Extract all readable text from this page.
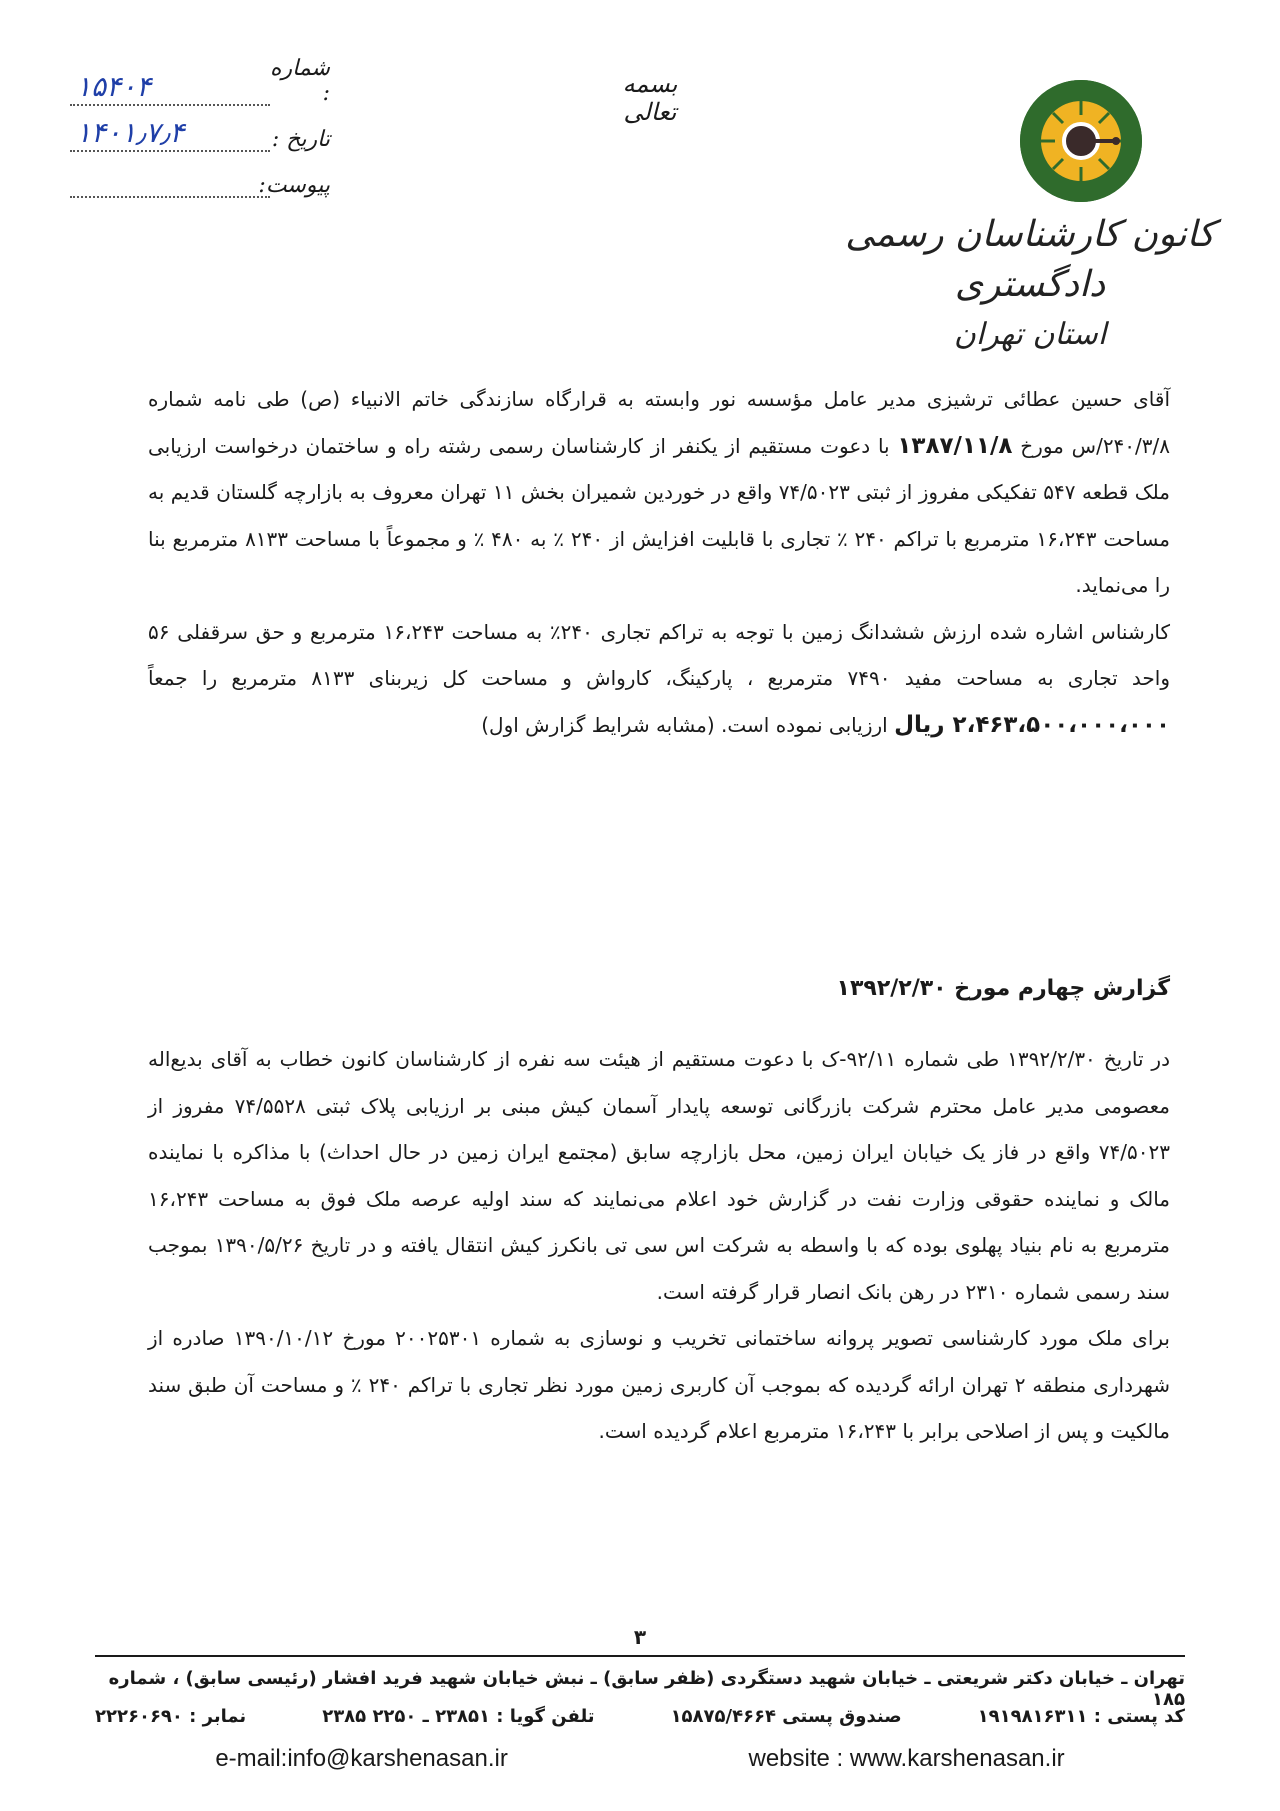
بسمه تعالی
شماره :
۱۵۴۰۴
تاریخ :
۱۴۰۱٫۷٫۴
پیوست:
کانون کارشناسان رسمی دادگستری
استان تهران

آقای حسین عطائی ترشیزی مدیر عامل مؤسسه نور وابسته به قرارگاه سازندگی خاتم الانبیاء (ص) طی نامه شماره ۲۴۰/۳/۸/س مورخ ۱۳۸۷/۱۱/۸ با دعوت مستقیم از یکنفر از کارشناسان رسمی رشته راه و ساختمان درخواست ارزیابی ملک قطعه ۵۴۷ تفکیکی مفروز از ثبتی ۷۴/۵۰۲۳ واقع در خوردین شمیران بخش ۱۱ تهران معروف به بازارچه گلستان قدیم به مساحت ۱۶،۲۴۳ مترمربع با تراکم ۲۴۰ ٪ تجاری با قابلیت افزایش از ۲۴۰ ٪ به ۴۸۰ ٪ و مجموعاً با مساحت ۸۱۳۳ مترمربع بنا را می‌نماید.

کارشناس اشاره شده ارزش ششدانگ زمین با توجه به تراکم تجاری ۲۴۰٪ به مساحت ۱۶،۲۴۳ مترمربع و حق سرقفلی ۵۶ واحد تجاری به مساحت مفید ۷۴۹۰ مترمربع ، پارکینگ، کارواش و مساحت کل زیربنای ۸۱۳۳ مترمربع را جمعاً ۲،۴۶۳،۵۰۰،۰۰۰،۰۰۰ ریال ارزیابی نموده است. (مشابه شرایط گزارش اول)

گزارش چهارم مورخ ۱۳۹۲/۲/۳۰

در تاریخ ۱۳۹۲/۲/۳۰ طی شماره ۹۲/۱۱-ک با دعوت مستقیم از هیئت سه نفره از کارشناسان کانون خطاب به آقای بدیع‌اله معصومی مدیر عامل محترم شرکت بازرگانی توسعه پایدار آسمان کیش مبنی بر ارزیابی پلاک ثبتی ۷۴/۵۵۲۸ مفروز از ۷۴/۵۰۲۳ واقع در فاز یک خیابان ایران زمین، محل بازارچه سابق (مجتمع ایران زمین در حال احداث) با مذاکره با نماینده مالک و نماینده حقوقی وزارت نفت در گزارش خود اعلام می‌نمایند که سند اولیه عرصه ملک فوق به مساحت ۱۶،۲۴۳ مترمربع به نام بنیاد پهلوی بوده که با واسطه به شرکت اس سی تی بانکرز کیش انتقال یافته و در تاریخ ۱۳۹۰/۵/۲۶ بموجب سند رسمی شماره ۲۳۱۰ در رهن بانک انصار قرار گرفته است.

برای ملک مورد کارشناسی تصویر پروانه ساختمانی تخریب و نوسازی به شماره ۲۰۰۲۵۳۰۱ مورخ ۱۳۹۰/۱۰/۱۲ صادره از شهرداری منطقه ۲ تهران ارائه گردیده که بموجب آن کاربری زمین مورد نظر تجاری با تراکم ۲۴۰ ٪ و مساحت آن طبق سند مالکیت و پس از اصلاحی برابر با ۱۶،۲۴۳ مترمربع اعلام گردیده است.

۳
تهران ـ خیابان دکتر شریعتی ـ خیابان شهید دستگردی (ظفر سابق) ـ نبش خیابان شهید فرید افشار (رئیسی سابق) ، شماره ۱۸۵
کد پستی : ۱۹۱۹۸۱۶۳۱۱
صندوق پستی ۱۵۸۷۵/۴۶۶۴
تلفن گویا : ۲۳۸۵۱ ـ ۲۲۵۰ ۲۳۸۵
نمابر : ۲۲۲۶۰۶۹۰
e-mail:info@karshenasan.ir	website : www.karshenasan.ir
